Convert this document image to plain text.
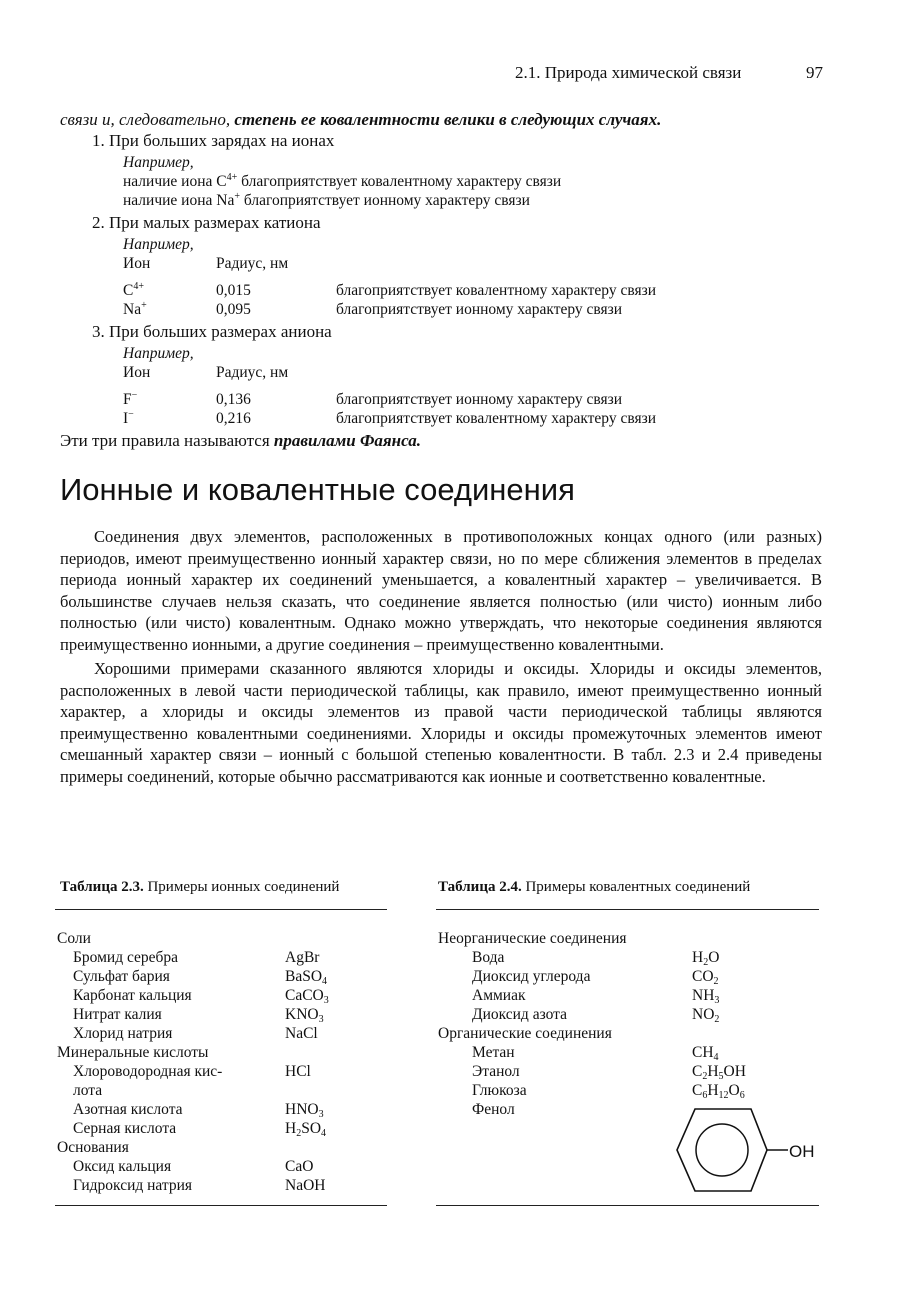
2.1. Природа химической связи	97
связи и, следовательно, степень ее ковалентности велики в следующих случаях.
1. При больших зарядах на ионах
Например,
наличие иона $C^{4+}$ благоприятствует ковалентному характеру связи
наличие иона Na+ благоприятствует ионному характеру связи
2. При малых размерах катиона
Например,
Ион	Радиус, нм
$C^{4+}$	0,015	благоприятствует ковалентному характеру связи
Na+	0,095	благоприятствует ионному характеру связи
3. При больших размерах аниона
Например,
Ион	Радиус, нм
F−	0,136	благоприятствует ионному характеру связи
I−	0,216	благоприятствует ковалентному характеру связи
Эти три правила называются правилами Фаянса.
Ионные и ковалентные соединения

Соединения двух элементов, расположенных в противоположных концах одного (или разных) периодов, имеют преимущественно ионный характер связи, но по мере сближения элементов в пределах периода ионный характер их соединений уменьшается, а ковалентный характер – увеличивается. В большинстве случаев нельзя сказать, что соединение является полностью (или чисто) ионным либо полностью (или чисто) ковалентным. Однако можно утверждать, что некоторые соединения являются преимущественно ионными, а другие соединения – преимущественно ковалентными.

Хорошими примерами сказанного являются хлориды и оксиды. Хлориды и оксиды элементов, расположенных в левой части периодической таблицы, как правило, имеют преимущественно ионный характер, а хлориды и оксиды элементов из правой части периодической таблицы являются преимущественно ковалентными соединениями. Хлориды и оксиды промежуточных элементов имеют смешанный характер связи – ионный с большой степенью ковалентности. В табл. 2.3 и 2.4 приведены примеры соединений, которые обычно рассматриваются как ионные и соответственно ковалентные.

Таблица 2.3. Примеры ионных соединений
Соли
Бромид серебра	AgBr
Сульфат бария	BaSO$_4$
Карбонат кальция	CaCO$_3$
Нитрат калия	$KNO_3$
Хлорид натрия	NaCl
Минеральные кислоты
Хлороводородная кис-	HCl
лота
Азотная кислота	$HNO_3$
Серная кислота	$H_2SO_4$
Основания
Оксид кальция	CaO
Гидроксид натрия	NaOH
Таблица 2.4. Примеры ковалентных соединений
Неорганические соединения
Вода	$H_2O$
Диоксид углерода	$CO_2$
Аммиак	$NH_3$
Диоксид азота	$NO_2$
Органические соединения
Метан	$CH_4$
Этанол	$C_2H_5OH$
Глюкоза	$C_6H_{12}O_6$
Фенол
OH
